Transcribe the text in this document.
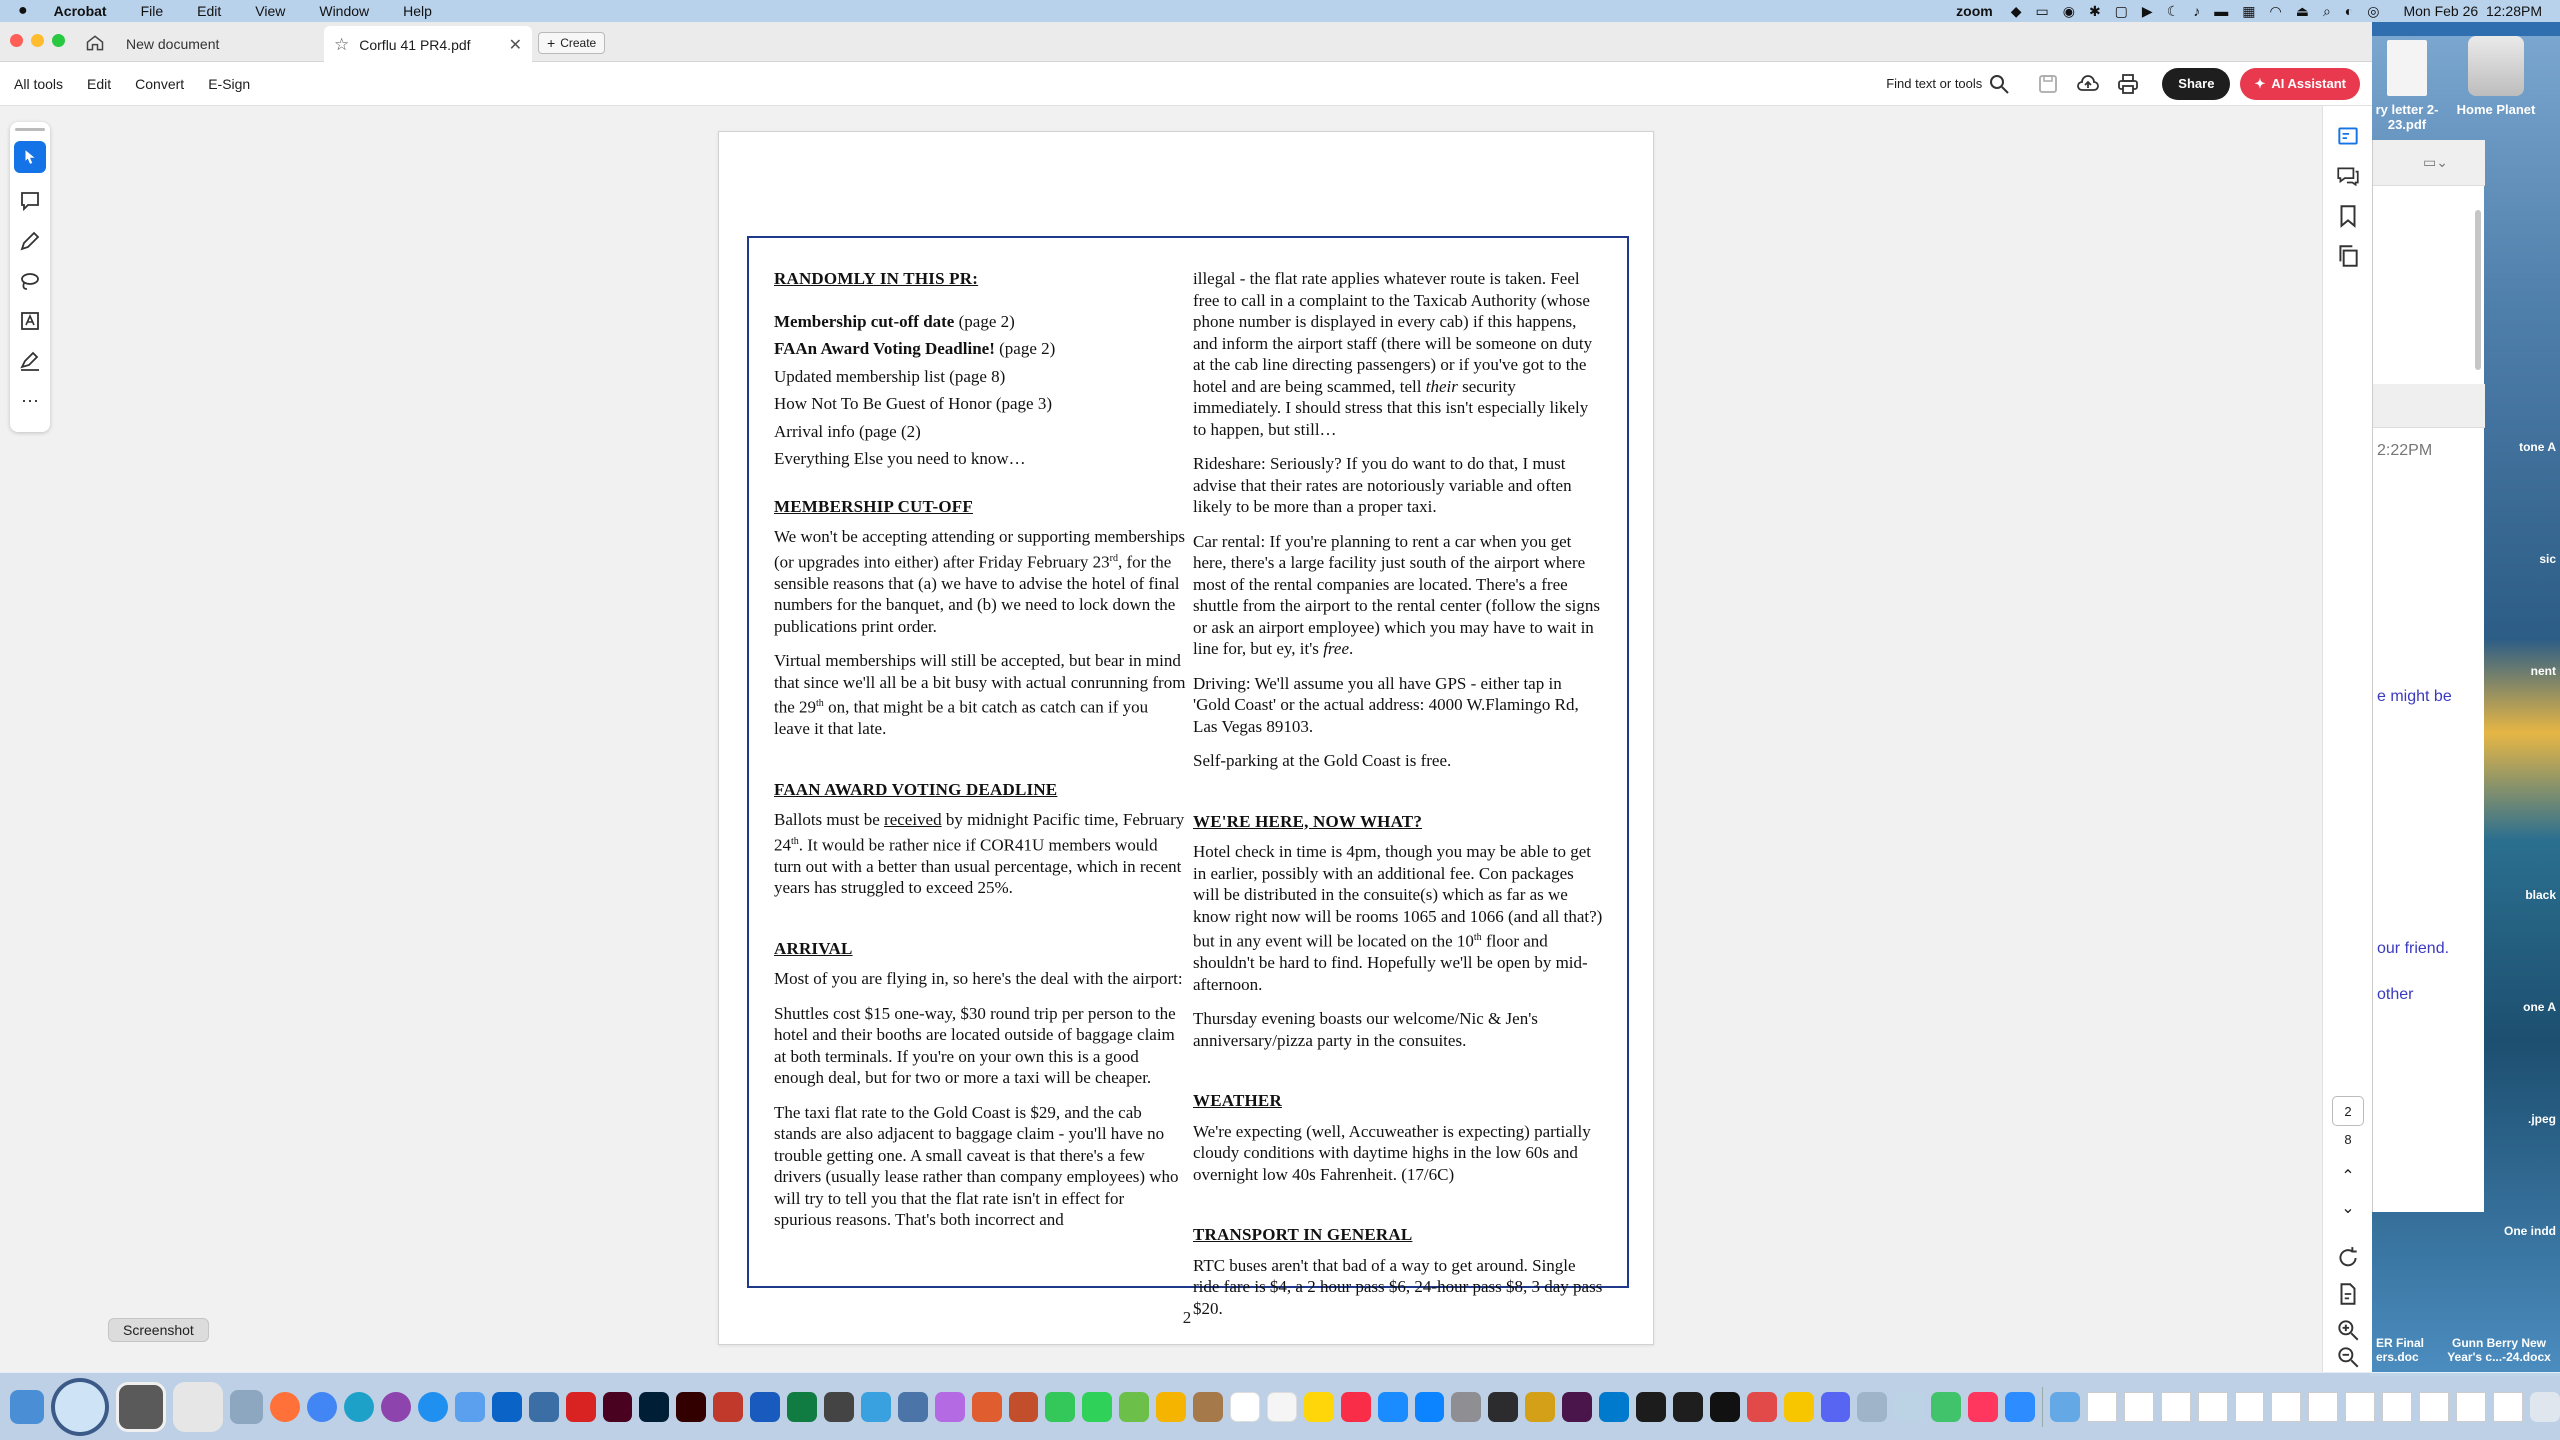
● Acrobat File Edit View Window Help	zoom ◆ ▭ ◉ ✱ ▢ ▶ ☾ ♪ ▬ ▦ ◠ ⏏ ⌕ ◐ ◎ Mon Feb 26  12:28PM
New document	☆ Corflu 41 PR4.pdf	✕ + Create
All tools Edit Convert E-Sign	Find text or tools	Share	✦ AI Assistant
⋯
RANDOMLY IN THIS PR:
Membership cut-off date (page 2)
FAAn Award Voting Deadline! (page 2)
Updated membership list (page 8)
How Not To Be Guest of Honor (page 3)
Arrival info (page (2)
Everything Else you need to know…
MEMBERSHIP CUT-OFF
We won't be accepting attending or supporting memberships (or upgrades into either) after Friday February 23rd, for the sensible reasons that (a) we have to advise the hotel of final numbers for the banquet, and (b) we need to lock down the publications print order.
Virtual memberships will still be accepted, but bear in mind that since we'll all be a bit busy with actual conrunning from the 29th on, that might be a bit catch as catch can if you leave it that late.
FAAN AWARD VOTING DEADLINE
Ballots must be received by midnight Pacific time, February 24th. It would be rather nice if COR41U members would turn out with a better than usual percentage, which in recent years has struggled to exceed 25%.
ARRIVAL
Most of you are flying in, so here's the deal with the airport:
Shuttles cost $15 one-way, $30 round trip per person to the hotel and their booths are located outside of baggage claim at both terminals. If you're on your own this is a good enough deal, but for two or more a taxi will be cheaper.
The taxi flat rate to the Gold Coast is $29, and the cab stands are also adjacent to baggage claim - you'll have no trouble getting one. A small caveat is that there's a few drivers (usually lease rather than company employees) who will try to tell you that the flat rate isn't in effect for spurious reasons. That's both incorrect and
illegal - the flat rate applies whatever route is taken. Feel free to call in a complaint to the Taxicab Authority (whose phone number is displayed in every cab) if this happens, and inform the airport staff (there will be someone on duty at the cab line directing passengers) or if you've got to the hotel and are being scammed, tell their security immediately. I should stress that this isn't especially likely to happen, but still…
Rideshare: Seriously? If you do want to do that, I must advise that their rates are notoriously variable and often likely to be more than a proper taxi.
Car rental: If you're planning to rent a car when you get here, there's a large facility just south of the airport where most of the rental companies are located. There's a free shuttle from the airport to the rental center (follow the signs or ask an airport employee) which you may have to wait in line for, but ey, it's free.
Driving: We'll assume you all have GPS - either tap in 'Gold Coast' or the actual address: 4000 W.Flamingo Rd, Las Vegas 89103.
Self-parking at the Gold Coast is free.
WE'RE HERE, NOW WHAT?
Hotel check in time is 4pm, though you may be able to get in earlier, possibly with an additional fee. Con packages will be distributed in the consuite(s) which as far as we know right now will be rooms 1065 and 1066 (and all that?) but in any event will be located on the 10th floor and shouldn't be hard to find. Hopefully we'll be open by mid-afternoon.
Thursday evening boasts our welcome/Nic & Jen's anniversary/pizza party in the consuites.
WEATHER
We're expecting (well, Accuweather is expecting) partially cloudy conditions with daytime highs in the low 60s and overnight low 40s Fahrenheit. (17/6C)
TRANSPORT IN GENERAL
RTC buses aren't that bad of a way to get around. Single ride fare is $4, a 2 hour pass $6, 24-hour pass $8, 3 day pass $20.
2
2
8
⌃
⌄
▭⌄
2:22PM
e might be
our friend.
other
ry letter 2-23.pdf
Home Planet
tone A
sic
nent
black
one A
.jpeg
One indd
ER Final ers.doc
Gunn Berry New Year's c...-24.docx
Screenshot
